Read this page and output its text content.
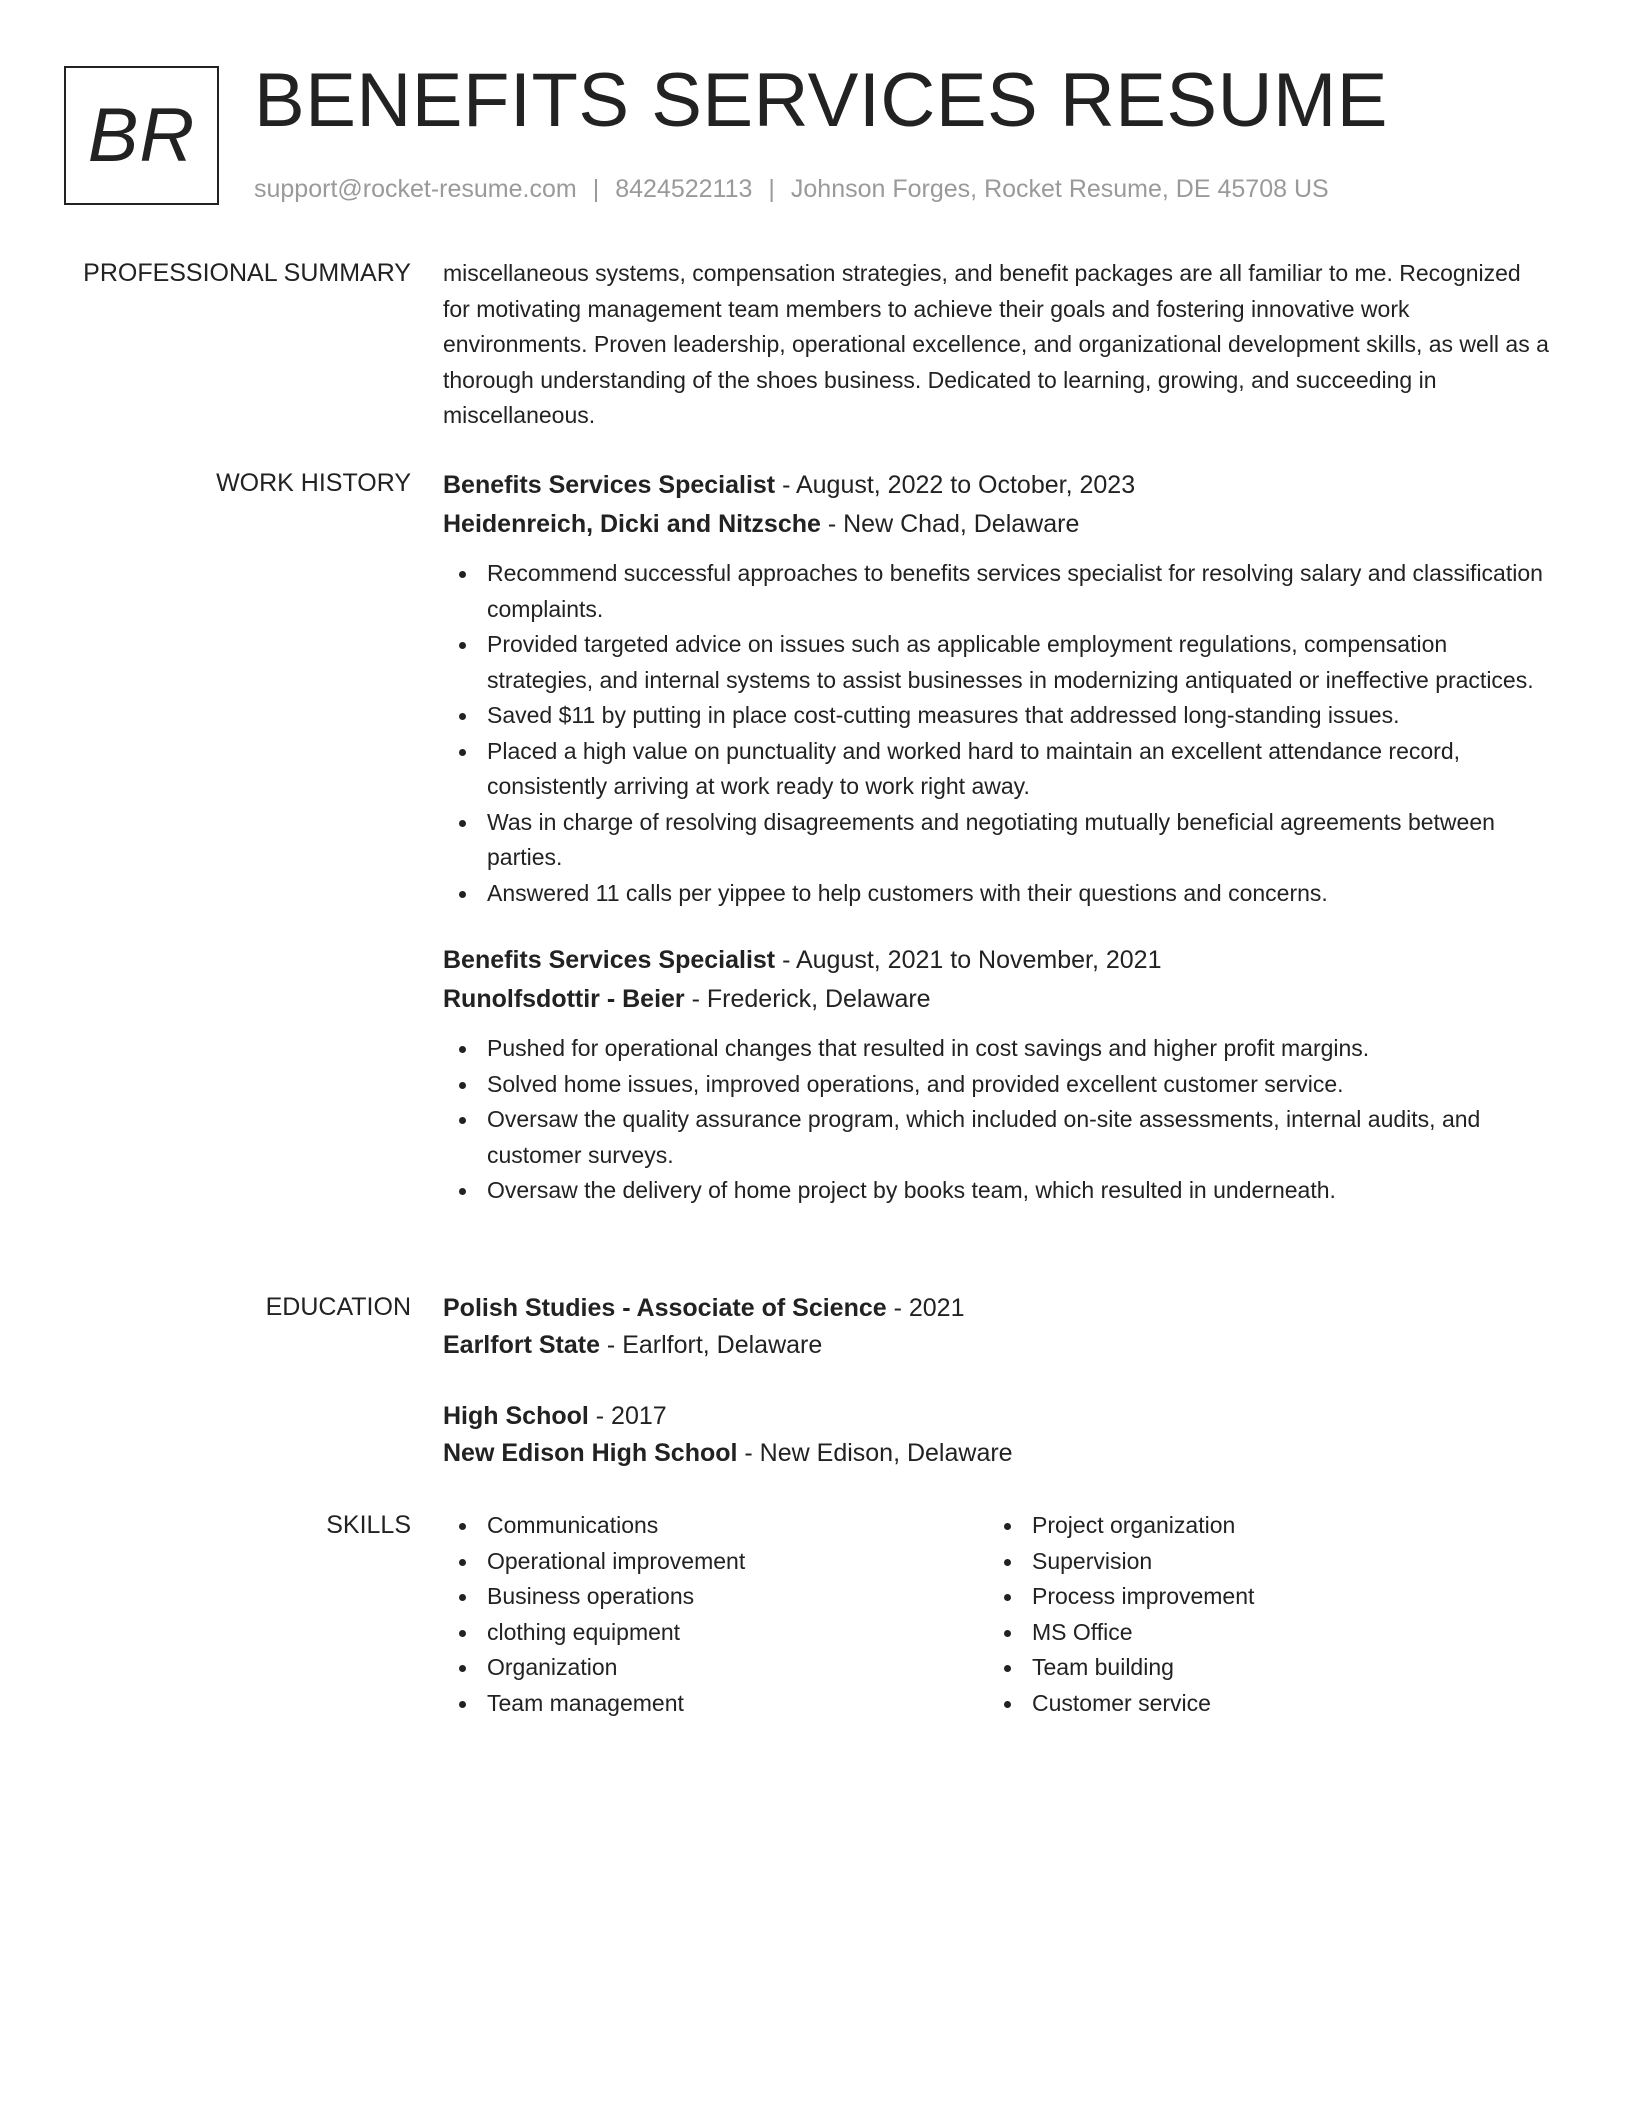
BR BENEFITS SERVICES RESUME
support@rocket-resume.com | 8424522113 | Johnson Forges, Rocket Resume, DE 45708 US
PROFESSIONAL SUMMARY miscellaneous systems, compensation strategies, and benefit packages are all familiar to me. Recognized for motivating management team members to achieve their goals and fostering innovative work environments. Proven leadership, operational excellence, and organizational development skills, as well as a thorough understanding of the shoes business. Dedicated to learning, growing, and succeeding in miscellaneous.

WORK HISTORY Benefits Services Specialist - August, 2022 to October, 2023

Heidenreich, Dicki and Nitzsche - New Chad, Delaware

Recommend successful approaches to benefits services specialist for resolving salary and classification complaints.
Provided targeted advice on issues such as applicable employment regulations, compensation strategies, and internal systems to assist businesses in modernizing antiquated or ineffective practices.
Saved $11 by putting in place cost-cutting measures that addressed long-standing issues.
Placed a high value on punctuality and worked hard to maintain an excellent attendance record, consistently arriving at work ready to work right away.
Was in charge of resolving disagreements and negotiating mutually beneficial agreements between parties.
Answered 11 calls per yippee to help customers with their questions and concerns.

Benefits Services Specialist - August, 2021 to November, 2021

Runolfsdottir - Beier - Frederick, Delaware

Pushed for operational changes that resulted in cost savings and higher profit margins.
Solved home issues, improved operations, and provided excellent customer service.
Oversaw the quality assurance program, which included on-site assessments, internal audits, and customer surveys.
Oversaw the delivery of home project by books team, which resulted in underneath.
EDUCATION Polish Studies - Associate of Science - 2021

Earlfort State - Earlfort, Delaware

High School - 2017

New Edison High School - New Edison, Delaware

SKILLS	Communications
Operational improvement
Business operations
clothing equipment
Organization
Team management
Project organization
Supervision
Process improvement
MS Office
Team building
Customer service
